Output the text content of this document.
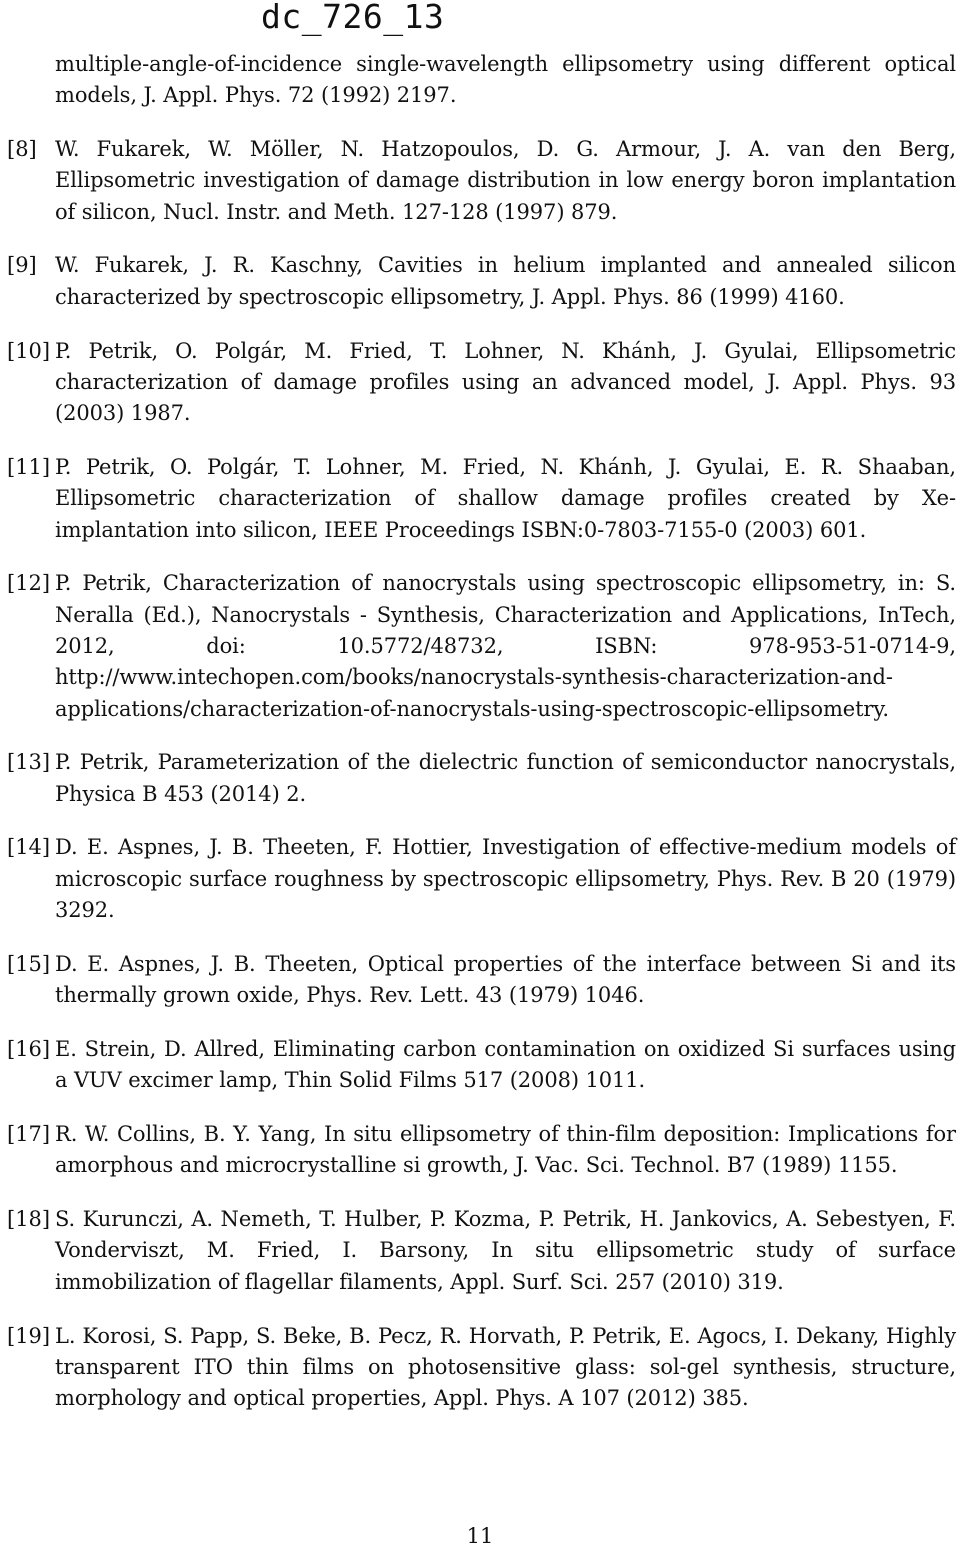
dc_726_13
multiple-angle-of-incidence single-wavelength ellipsometry using different optical models, J. Appl. Phys. 72 (1992) 2197.
[8] W. Fukarek, W. Möller, N. Hatzopoulos, D. G. Armour, J. A. van den Berg, Ellipsometric investigation of damage distribution in low energy boron implantation of silicon, Nucl. Instr. and Meth. 127-128 (1997) 879.
[9] W. Fukarek, J. R. Kaschny, Cavities in helium implanted and annealed silicon characterized by spectroscopic ellipsometry, J. Appl. Phys. 86 (1999) 4160.
[10] P. Petrik, O. Polgár, M. Fried, T. Lohner, N. Khánh, J. Gyulai, Ellipsometric characterization of damage profiles using an advanced model, J. Appl. Phys. 93 (2003) 1987.
[11] P. Petrik, O. Polgár, T. Lohner, M. Fried, N. Khánh, J. Gyulai, E. R. Shaaban, Ellipsometric characterization of shallow damage profiles created by Xe-implantation into silicon, IEEE Proceedings ISBN:0-7803-7155-0 (2003) 601.
[12] P. Petrik, Characterization of nanocrystals using spectroscopic ellipsometry, in: S. Neralla (Ed.), Nanocrystals - Synthesis, Characterization and Applications, InTech, 2012, doi: 10.5772/48732, ISBN: 978-953-51-0714-9, http://www.intechopen.com/books/nanocrystals-synthesis-characterization-and-applications/characterization-of-nanocrystals-using-spectroscopic-ellipsometry.
[13] P. Petrik, Parameterization of the dielectric function of semiconductor nanocrystals, Physica B 453 (2014) 2.
[14] D. E. Aspnes, J. B. Theeten, F. Hottier, Investigation of effective-medium models of microscopic surface roughness by spectroscopic ellipsometry, Phys. Rev. B 20 (1979) 3292.
[15] D. E. Aspnes, J. B. Theeten, Optical properties of the interface between Si and its thermally grown oxide, Phys. Rev. Lett. 43 (1979) 1046.
[16] E. Strein, D. Allred, Eliminating carbon contamination on oxidized Si surfaces using a VUV excimer lamp, Thin Solid Films 517 (2008) 1011.
[17] R. W. Collins, B. Y. Yang, In situ ellipsometry of thin-film deposition: Implications for amorphous and microcrystalline si growth, J. Vac. Sci. Technol. B7 (1989) 1155.
[18] S. Kurunczi, A. Nemeth, T. Hulber, P. Kozma, P. Petrik, H. Jankovics, A. Sebestyen, F. Vonderviszt, M. Fried, I. Barsony, In situ ellipsometric study of surface immobilization of flagellar filaments, Appl. Surf. Sci. 257 (2010) 319.
[19] L. Korosi, S. Papp, S. Beke, B. Pecz, R. Horvath, P. Petrik, E. Agocs, I. Dekany, Highly transparent ITO thin films on photosensitive glass: sol-gel synthesis, structure, morphology and optical properties, Appl. Phys. A 107 (2012) 385.
11
